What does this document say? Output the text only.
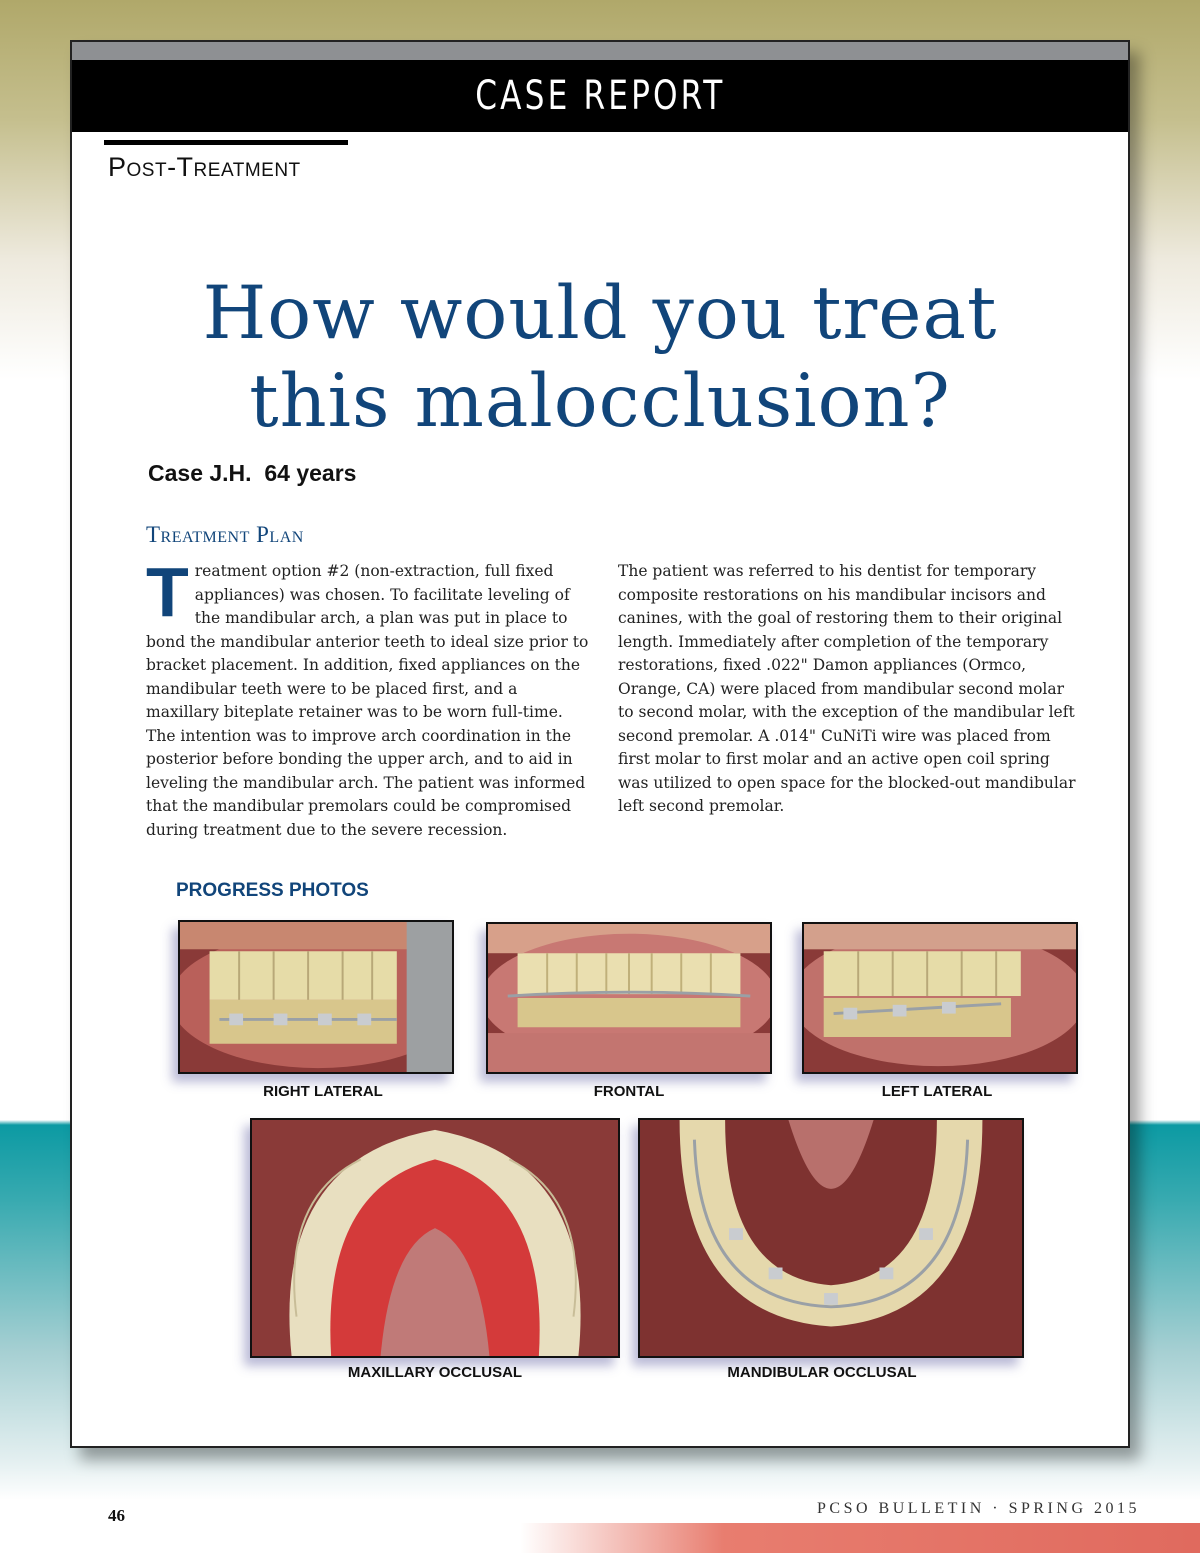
CASE REPORT
Post-Treatment
How would you treat
this malocclusion?
Case J.H. 64 years
Treatment Plan
Treatment option #2 (non-extraction, full fixed appliances) was chosen. To facilitate leveling of the mandibular arch, a plan was put in place to bond the mandibular anterior teeth to ideal size prior to bracket placement. In addition, fixed appliances on the mandibular teeth were to be placed first, and a maxillary biteplate retainer was to be worn full-time. The intention was to improve arch coordination in the posterior before bonding the upper arch, and to aid in leveling the mandibular arch. The patient was informed that the mandibular premolars could be compromised during treatment due to the severe recession.
The patient was referred to his dentist for temporary composite restorations on his mandibular incisors and canines, with the goal of restoring them to their original length. Immediately after completion of the temporary restorations, fixed .022" Damon appliances (Ormco, Orange, CA) were placed from mandibular second molar to second molar, with the exception of the mandibular left second premolar. A .014" CuNiTi wire was placed from first molar to first molar and an active open coil spring was utilized to open space for the blocked-out mandibular left second premolar.
PROGRESS PHOTOS
RIGHT LATERAL	FRONTAL	LEFT LATERAL
MAXILLARY OCCLUSAL	MANDIBULAR OCCLUSAL
46	PCSO BULLETIN · SPRING 2015
